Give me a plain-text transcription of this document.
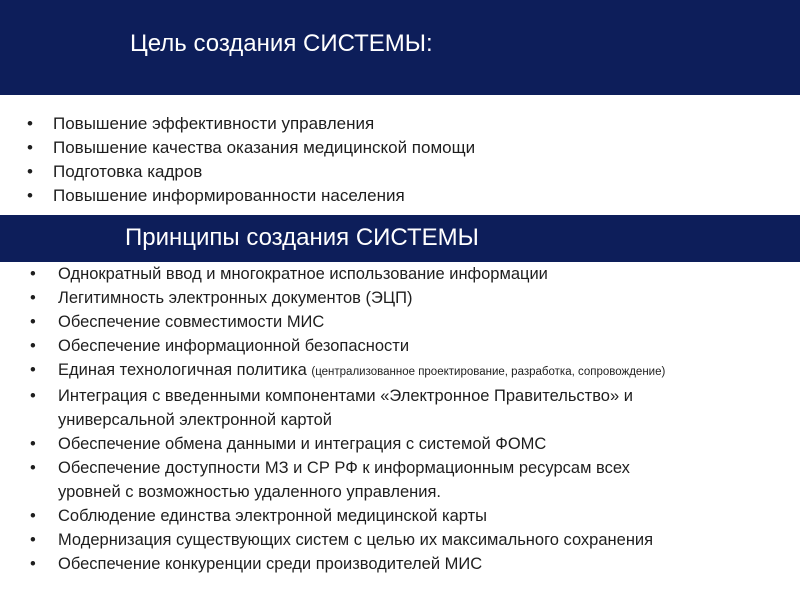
Цель создания СИСТЕМЫ:
• Повышение эффективности управления
• Повышение качества оказания медицинской помощи
• Подготовка кадров
• Повышение информированности населения
Принципы создания СИСТЕМЫ
• Однократный ввод и многократное использование информации
• Легитимность электронных документов (ЭЦП)
• Обеспечение совместимости МИС
• Обеспечение информационной безопасности
• Единая технологичная политика (централизованное проектирование, разработка, сопровождение)
• Интеграция с введенными компонентами «Электронное Правительство» и
универсальной электронной картой
• Обеспечение обмена данными и интеграция с системой ФОМС
• Обеспечение доступности МЗ и СР РФ к информационным ресурсам всех
уровней с возможностью удаленного управления.
• Соблюдение единства электронной медицинской карты
• Модернизация существующих систем с целью их максимального сохранения
• Обеспечение конкуренции среди производителей МИС
